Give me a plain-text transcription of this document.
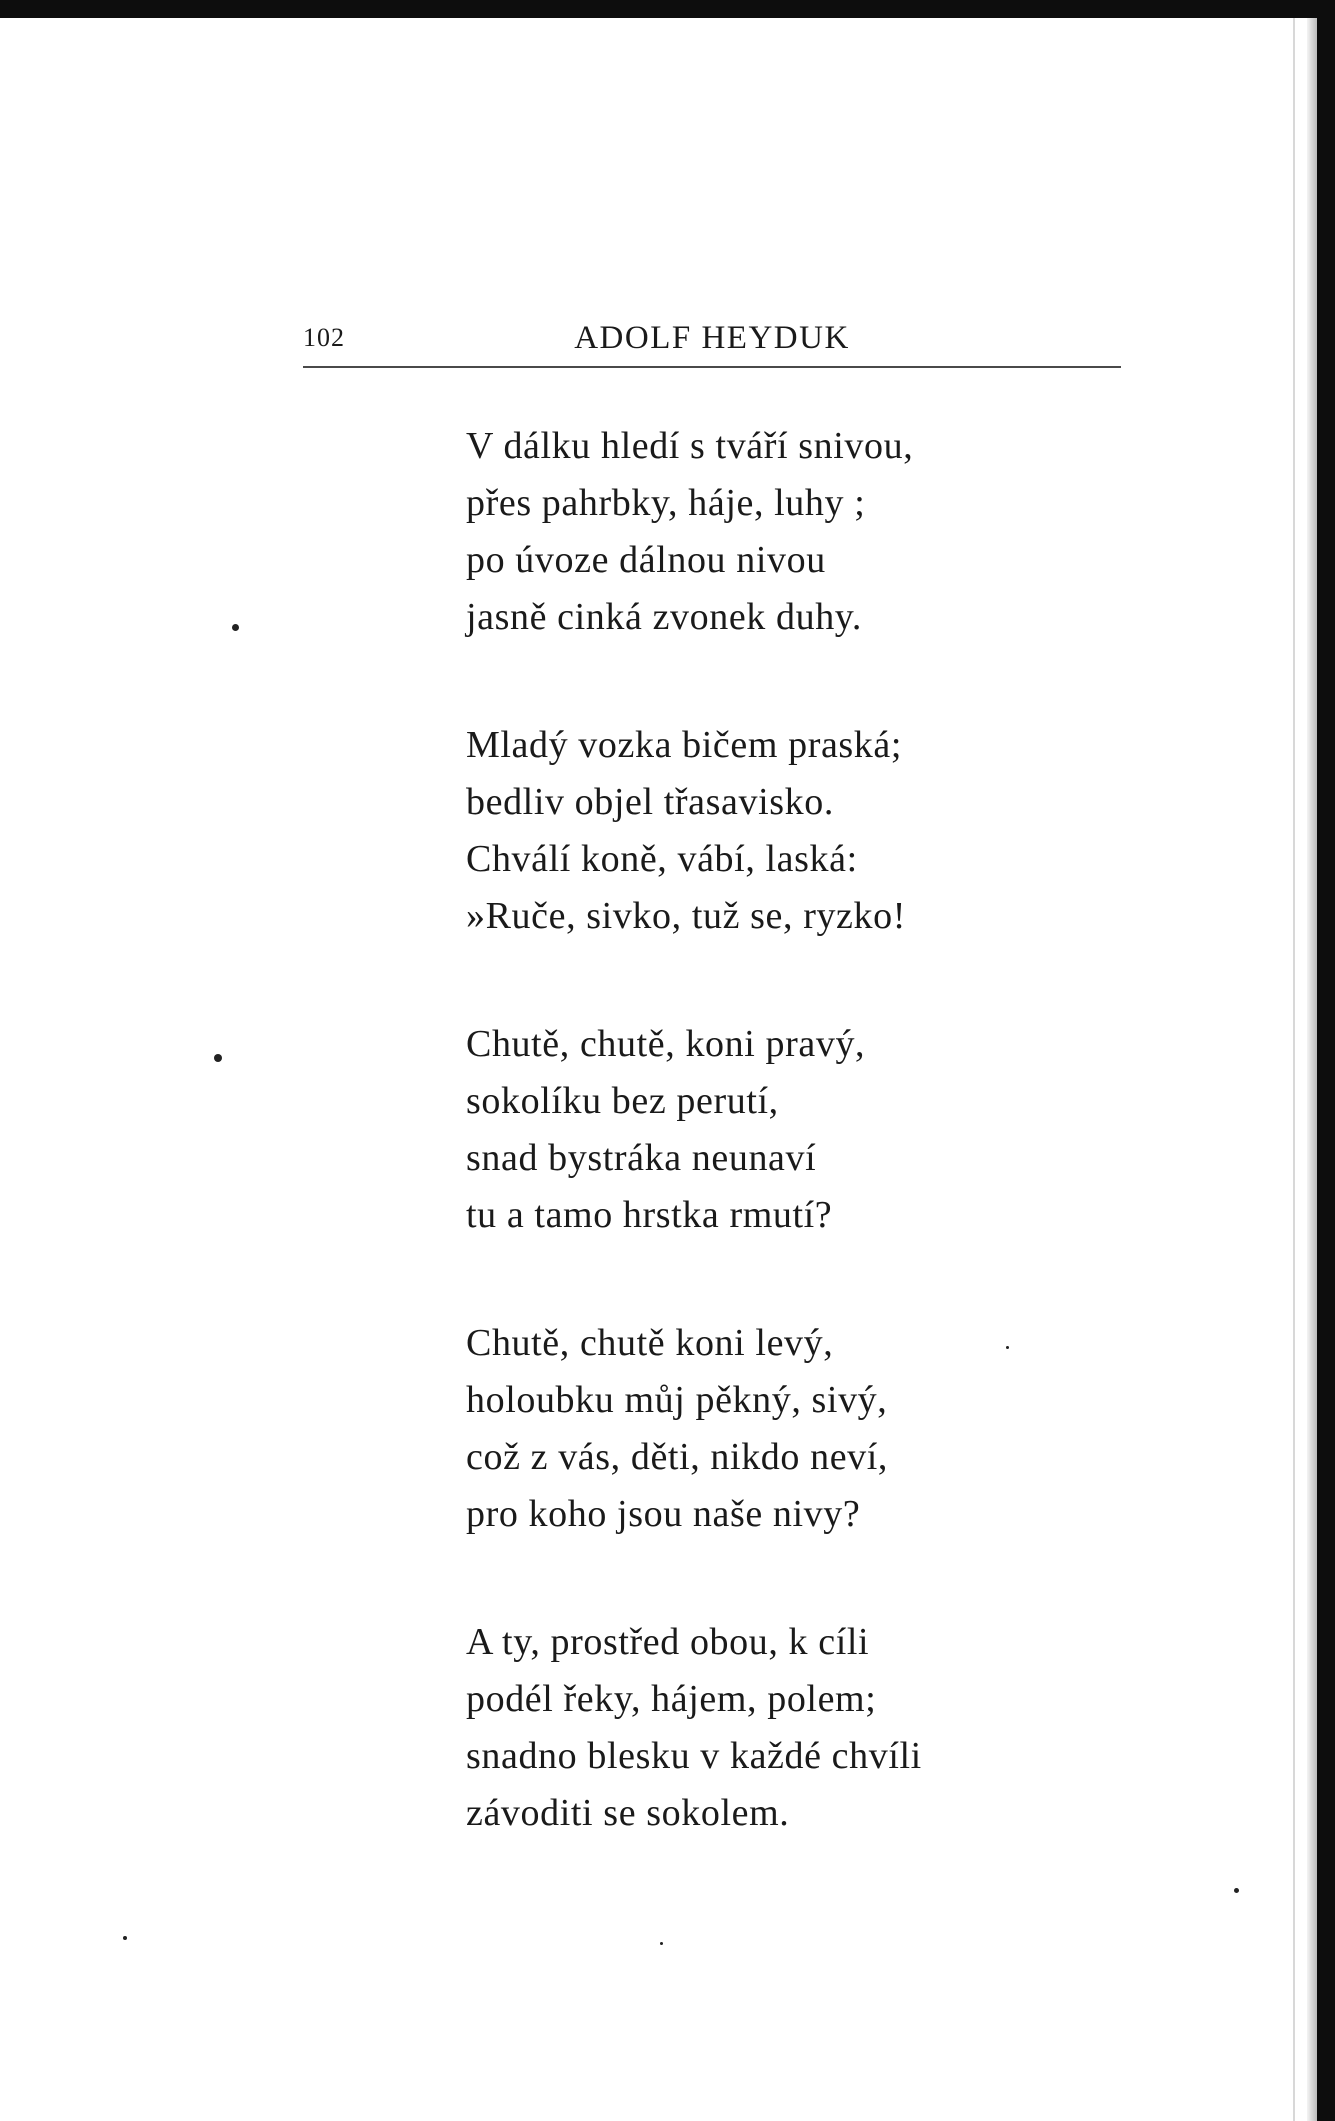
102	ADOLF HEYDUK
V dálku hledí s tváří snivou,
přes pahrbky, háje, luhy ;
po úvoze dálnou nivou
jasně cinká zvonek duhy.
Mladý vozka bičem praská;
bedliv objel třasavisko.
Chválí koně, vábí, laská:
»Ruče, sivko, tuž se, ryzko!
Chutě, chutě, koni pravý,
sokolíku bez perutí,
snad bystráka neunaví
tu a tamo hrstka rmutí?
Chutě, chutě koni levý,
holoubku můj pěkný, sivý,
což z vás, děti, nikdo neví,
pro koho jsou naše nivy?
A ty, prostřed obou, k cíli
podél řeky, hájem, polem;
snadno blesku v každé chvíli
závoditi se sokolem.
